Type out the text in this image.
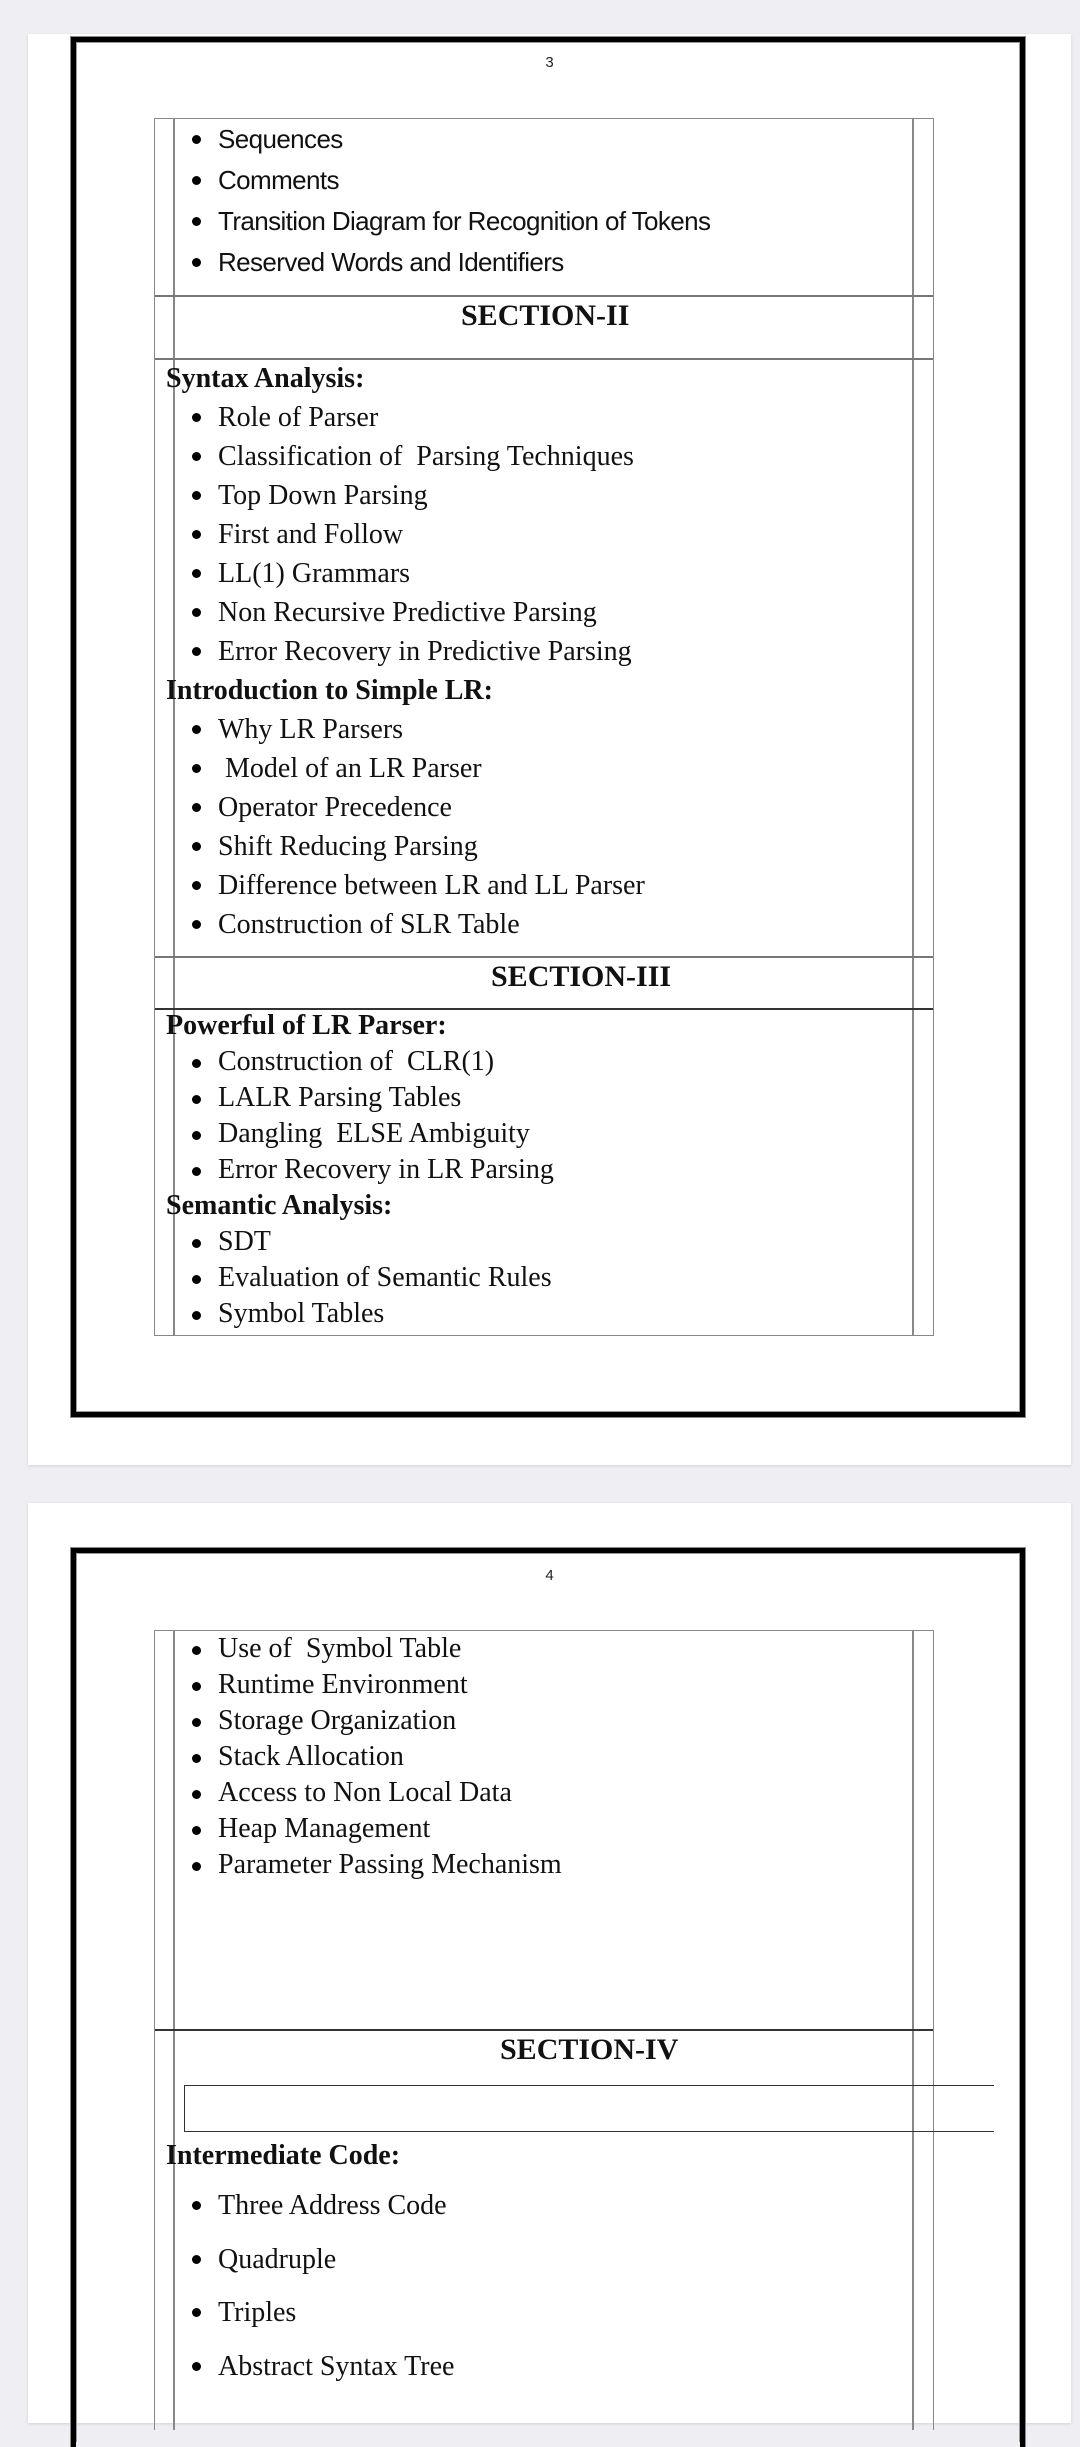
3
Sequences
Comments
Transition Diagram for Recognition of Tokens
Reserved Words and Identifiers
SECTION-II
Syntax Analysis:
Role of Parser
Classification of  Parsing Techniques
Top Down Parsing
First and Follow
LL(1) Grammars
Non Recursive Predictive Parsing
Error Recovery in Predictive Parsing
Introduction to Simple LR:
Why LR Parsers
Model of an LR Parser
Operator Precedence
Shift Reducing Parsing
Difference between LR and LL Parser
Construction of SLR Table
SECTION-III
Powerful of LR Parser:
Construction of  CLR(1)
LALR Parsing Tables
Dangling  ELSE Ambiguity
Error Recovery in LR Parsing
Semantic Analysis:
SDT
Evaluation of Semantic Rules
Symbol Tables
4
Use of  Symbol Table
Runtime Environment
Storage Organization
Stack Allocation
Access to Non Local Data
Heap Management
Parameter Passing Mechanism
SECTION-IV
Intermediate Code:
Three Address Code
Quadruple
Triples
Abstract Syntax Tree
